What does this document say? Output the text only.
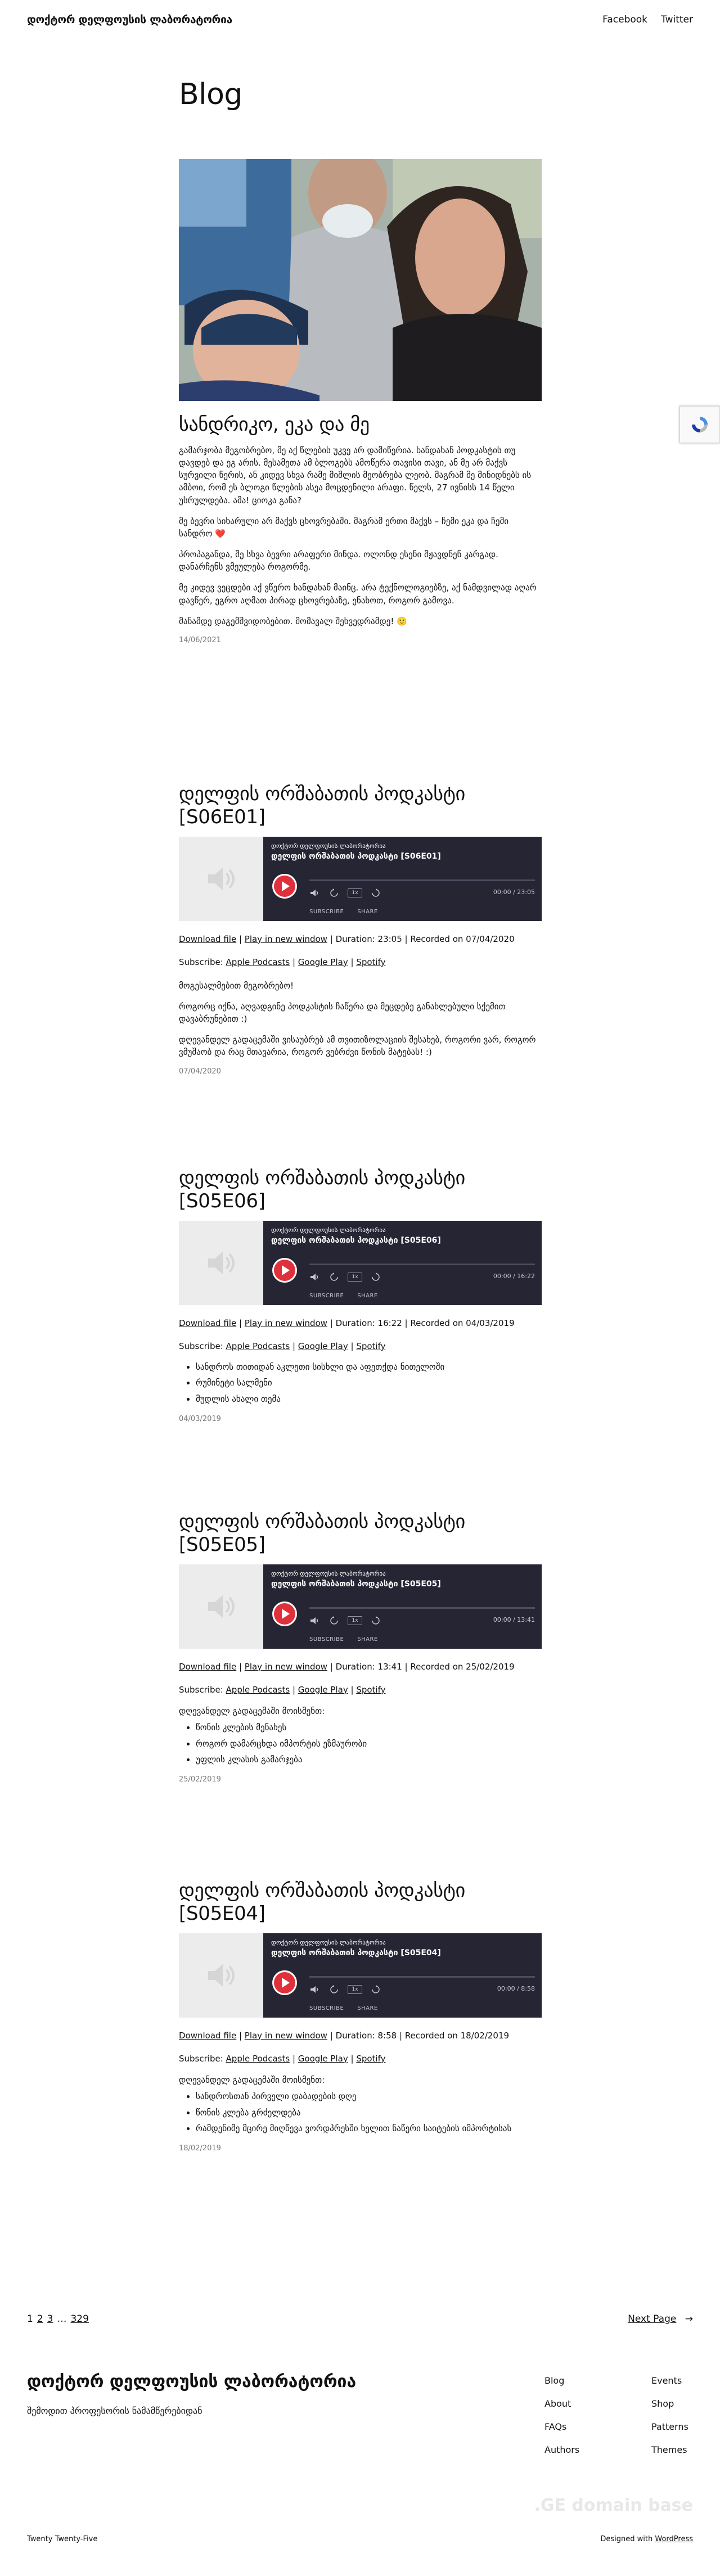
დოქტორ დელფოუსის ლაბორატორია	Facebook Twitter
Blog
სანდრიკო, ეკა და მე

გამარჯობა მეგობრებო, მე აქ წლების უკვე არ დამიწერია. ხანდახან პოდკასტის თუ დავდებ და ეგ არის. მესამეთა ამ ბლოგებს ამოწერა თავისი თავი, ან მე არ მაქვს სურვილი წერის, ან კიდევ სხვა რამე მიშლის მეობრება ლეობ. მაგრამ მე მინიდნებს ის ამბოი, რომ ეს ბლოგი წლების ასეა მოცდენილი არაფი. წელს, 27 ივნისს 14 წელი უსრულდება. ამა! ციოკა განა?

მე ბევრი სიხარული არ მაქვს ცხოვრებაში. მაგრამ ერთი მაქვს – ჩემი ეკა და ჩემი სანდრო ❤️

პროპაგანდა, მე სხვა ბევრი არაფერი მინდა. ოლონდ ესენი მჟავდნენ კარგად. დანარჩენს ვმეულება როგორმე.

მე კიდევ ვეცდები აქ ვწერო ხანდახან მაინც. არა ტექნოლოგიებზე, აქ ნამდვილად აღარ დავწერ, ეგრო აღმათ პირად ცხოვრებაზე, ენახოთ, როგორ გამოვა.

მანამდე დაგემშვიდობებით. მომავალ შეხვედრამდე! 🙂

14/06/2021
დელფის ორშაბათის პოდკასტი [S06E01]
დოქტორ დელფოუსის ლაბორატორია
დელფის ორშაბათის პოდკასტი [S06E01]
1x	00:00 / 23:05
SUBSCRIBE SHARE
Download file | Play in new window | Duration: 23:05 | Recorded on 07/04/2020
Subscribe: Apple Podcasts | Google Play | Spotify

მოგესალმებით მეგობრებო!

როგორც იქნა, აღვადგინე პოდკასტის ჩაწერა და მეცდებე განახლებული სქემით დავაბრუნებით :)

დღევანდელ გადაცემაში ვისაუბრებ ამ თვითიზოლაციის შესახებ, როგორი ვარ, როგორ ვმუშაობ და რაც მთავარია, როგორ ვებრძვი წონის მატებას! :)

07/04/2020
დელფის ორშაბათის პოდკასტი [S05E06]
დოქტორ დელფოუსის ლაბორატორია
დელფის ორშაბათის პოდკასტი [S05E06]
1x	00:00 / 16:22
SUBSCRIBE SHARE
Download file | Play in new window | Duration: 16:22 | Recorded on 04/03/2019
Subscribe: Apple Podcasts | Google Play | Spotify
• სანდროს თითიდან აკლეთი სისხლი და აფეთქდა ნითელოში
• რუმინეტი სალმენი
• მუდლის ახალი თემა
04/03/2019
დელფის ორშაბათის პოდკასტი [S05E05]
დოქტორ დელფოუსის ლაბორატორია
დელფის ორშაბათის პოდკასტი [S05E05]
1x	00:00 / 13:41
SUBSCRIBE SHARE
Download file | Play in new window | Duration: 13:41 | Recorded on 25/02/2019
Subscribe: Apple Podcasts | Google Play | Spotify

დღევანდელ გადაცემაში მოისმენთ:

• წონის კლების მენახეს
• როგორ დამარცხდა იმპორტის ეზმაურობი
• უფლის კლასის გამარჯება
25/02/2019
დელფის ორშაბათის პოდკასტი [S05E04]
დოქტორ დელფოუსის ლაბორატორია
დელფის ორშაბათის პოდკასტი [S05E04]
1x	00:00 / 8:58
SUBSCRIBE SHARE
Download file | Play in new window | Duration: 8:58 | Recorded on 18/02/2019
Subscribe: Apple Podcasts | Google Play | Spotify

დღევანდელ გადაცემაში მოისმენთ:

• სანდროსთან პირველი დაბადების დღე
• წონის კლება გრძელდება
• რამდენიმე მცირე მიღწევა ვორდპრესში ხელით ნაწერი საიტების იმპორტისას
18/02/2019
1 2 3 … 329	Next Page →
დოქტორ დელფოუსის ლაბორატორია
შემოდით პროფესორის ნამამწერებიდან
Blog	Events
About	Shop
FAQs	Patterns
Authors	Themes
.GE domain base
Twenty Twenty-Five	Designed with WordPress
